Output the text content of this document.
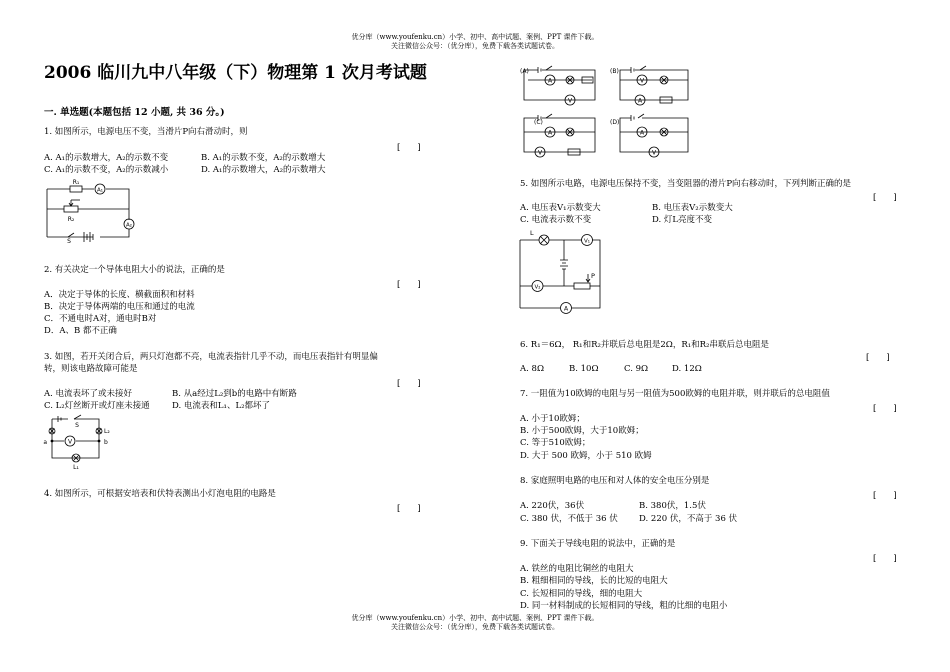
优分库（www.youfenku.cn）小学、初中、高中试题、案例、PPT 课件下载。
关注微信公众号：（优分库），免费下载各类试题试卷。
2006 临川九中八年级（下）物理第 1 次月考试题
一. 单选题(本题包括 12 小题, 共 36 分。)
1. 如图所示，电源电压不变，当滑片P向右滑动时，则
[　　]
A. A₁的示数增大，A₂的示数不变	B. A₁的示数不变，A₂的示数增大
C. A₁的示数不变，A₂的示数减小	D. A₁的示数增大，A₂的示数增大
R₁
A₁
R₂
A₂
S
2. 有关决定一个导体电阻大小的说法，正确的是
[　　]
A．决定于导体的长度、横截面积和材料
B．决定于导体两端的电压和通过的电流
C．不通电时A对，通电时B对
D．A、B 都不正确
3. 如图，若开关闭合后，两只灯泡都不亮，电流表指针几乎不动，而电压表指针有明显偏
转，则该电路故障可能是
[　　]
A. 电流表坏了或未接好	B. 从a经过L₂到b的电路中有断路
C. L₂灯丝断开或灯座未接通	D. 电流表和L₁、L₂都坏了
a	b
S
L₂
L₁
V
4. 如图所示，可根据安培表和伏特表测出小灯泡电阻的电路是
[　　]
(A)	(B)
(C)	(D)
A
V
V
A
A
V
A
V
5. 如图所示电路，电源电压保持不变，当变阻器的滑片P向右移动时，下列判断正确的是
[　　]
A. 电压表V₁示数变大	B. 电压表V₂示数变大
C. 电流表示数不变	D. 灯L亮度不变
L
V₁
V₂
P
A
6. R₁＝6Ω， R₁和R₂并联后总电阻是2Ω，R₁和R₂串联后总电阻是
[　　]
A. 8Ω	B. 10Ω	C. 9Ω	D. 12Ω
7. 一阻值为10欧姆的电阻与另一阻值为500欧姆的电阻并联，则并联后的总电阻值
[　　]
A. 小于10欧姆；
B. 小于500欧姆，大于10欧姆；
C. 等于510欧姆；
D. 大于 500 欧姆，小于 510 欧姆
8. 家庭照明电路的电压和对人体的安全电压分别是
[　　]
A. 220伏，36伏	B. 380伏，1.5伏
C. 380 伏，不低于 36 伏 D. 220 伏，不高于 36 伏
9. 下面关于导线电阻的说法中，正确的是
[　　]
A. 铁丝的电阻比铜丝的电阻大
B. 粗细相同的导线，长的比短的电阻大
C. 长短相同的导线，细的电阻大
D. 同一材料制成的长短相同的导线，粗的比细的电阻小
优分库（www.youfenku.cn）小学、初中、高中试题、案例、PPT 课件下载。
关注微信公众号：（优分库），免费下载各类试题试卷。
